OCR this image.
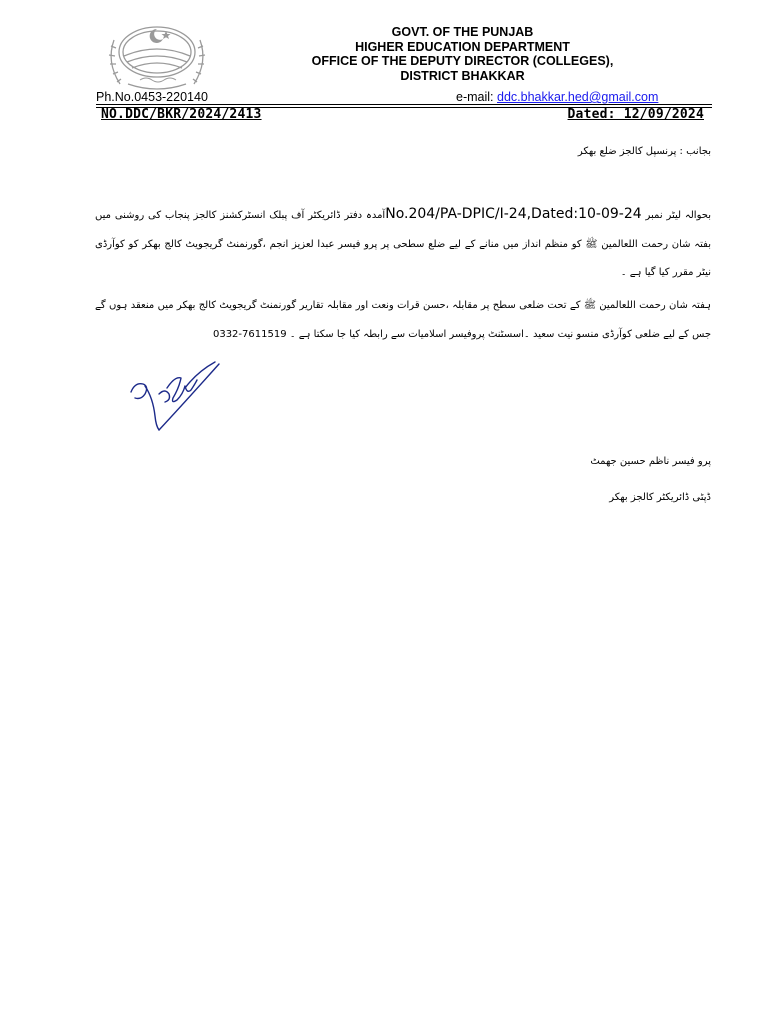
GOVT. OF THE PUNJAB
HIGHER EDUCATION DEPARTMENT
OFFICE OF THE DEPUTY DIRECTOR (COLLEGES),
DISTRICT BHAKKAR
Ph.No.0453-220140	e-mail: ddc.bhakkar.hed@gmail.com
NO.DDC/BKR/2024/2413	Dated: 12/09/2024
بجانب : پرنسپل کالجز ضلع بھکر
بحوالہ لیٹر نمبر No.204/PA-DPIC/I-24,Dated:10-09-24آمدہ دفتر ڈائریکٹر آف پبلک انسٹرکشنز کالجز پنجاب کی روشنی میں بفتہ شان رحمت اللعالمین ﷺ کو منظم انداز میں منانے کے لیے ضلع سطحی پر پرو فیسر عبدا لعزیز انجم ،گورنمنٹ گریجویٹ کالج بھکر کو کوآرڈی نیٹر مقرر کیا گیا ہے ۔
ہفتہ شان رحمت اللعالمین ﷺ کے تحت ضلعی سطح پر مقابلہ ،حسن قرات ونعت اور مقابلہ تقاریر گورنمنٹ گریجویٹ کالج بھکر میں منعقد ہوں گے جس کے لیے ضلعی کوآرڈی منسو نیت سعید ۔اسسٹنٹ پروفیسر اسلامیات سے رابطہ کیا جا سکتا ہے ۔ 0332-7611519
پرو فیسر ناظم حسین جھمٹ
ڈپٹی ڈائریکٹر کالجز بھکر
